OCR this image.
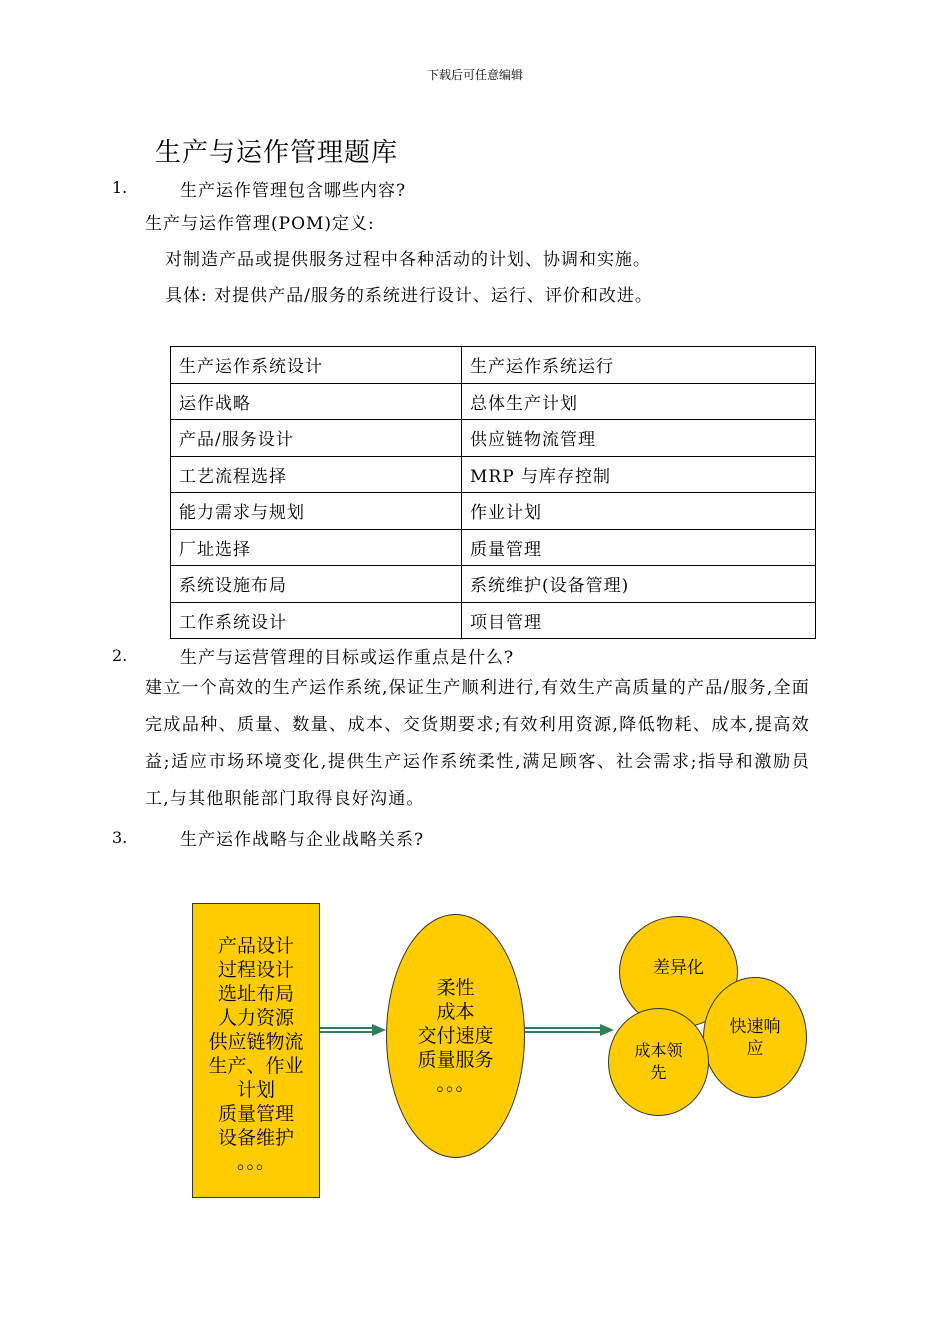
下载后可任意编辑
生产与运作管理题库
1.	生产运作管理包含哪些内容?
生产与运作管理(POM)定义:
对制造产品或提供服务过程中各种活动的计划、协调和实施。
具体: 对提供产品/服务的系统进行设计、运行、评价和改进。
生产运作系统设计	生产运作系统运行
运作战略	总体生产计划
产品/服务设计	供应链物流管理
工艺流程选择	MRP 与库存控制
能力需求与规划	作业计划
厂址选择	质量管理
系统设施布局	系统维护(设备管理)
工作系统设计	项目管理
2.	生产与运营管理的目标或运作重点是什么?
建立一个高效的生产运作系统,保证生产顺利进行,有效生产高质量的产品/服务,全面完成品种、质量、数量、成本、交货期要求;有效利用资源,降低物耗、成本,提高效益;适应市场环境变化,提供生产运作系统柔性,满足顾客、社会需求;指导和激励员工,与其他职能部门取得良好沟通。
3.	生产运作战略与企业战略关系?
产品设计
过程设计
选址布局
人力资源
供应链物流
生产、作业
计划
质量管理
设备维护
。。。
柔性
成本
交付速度
质量服务
。。。
差异化
快速响
应
成本领
先
